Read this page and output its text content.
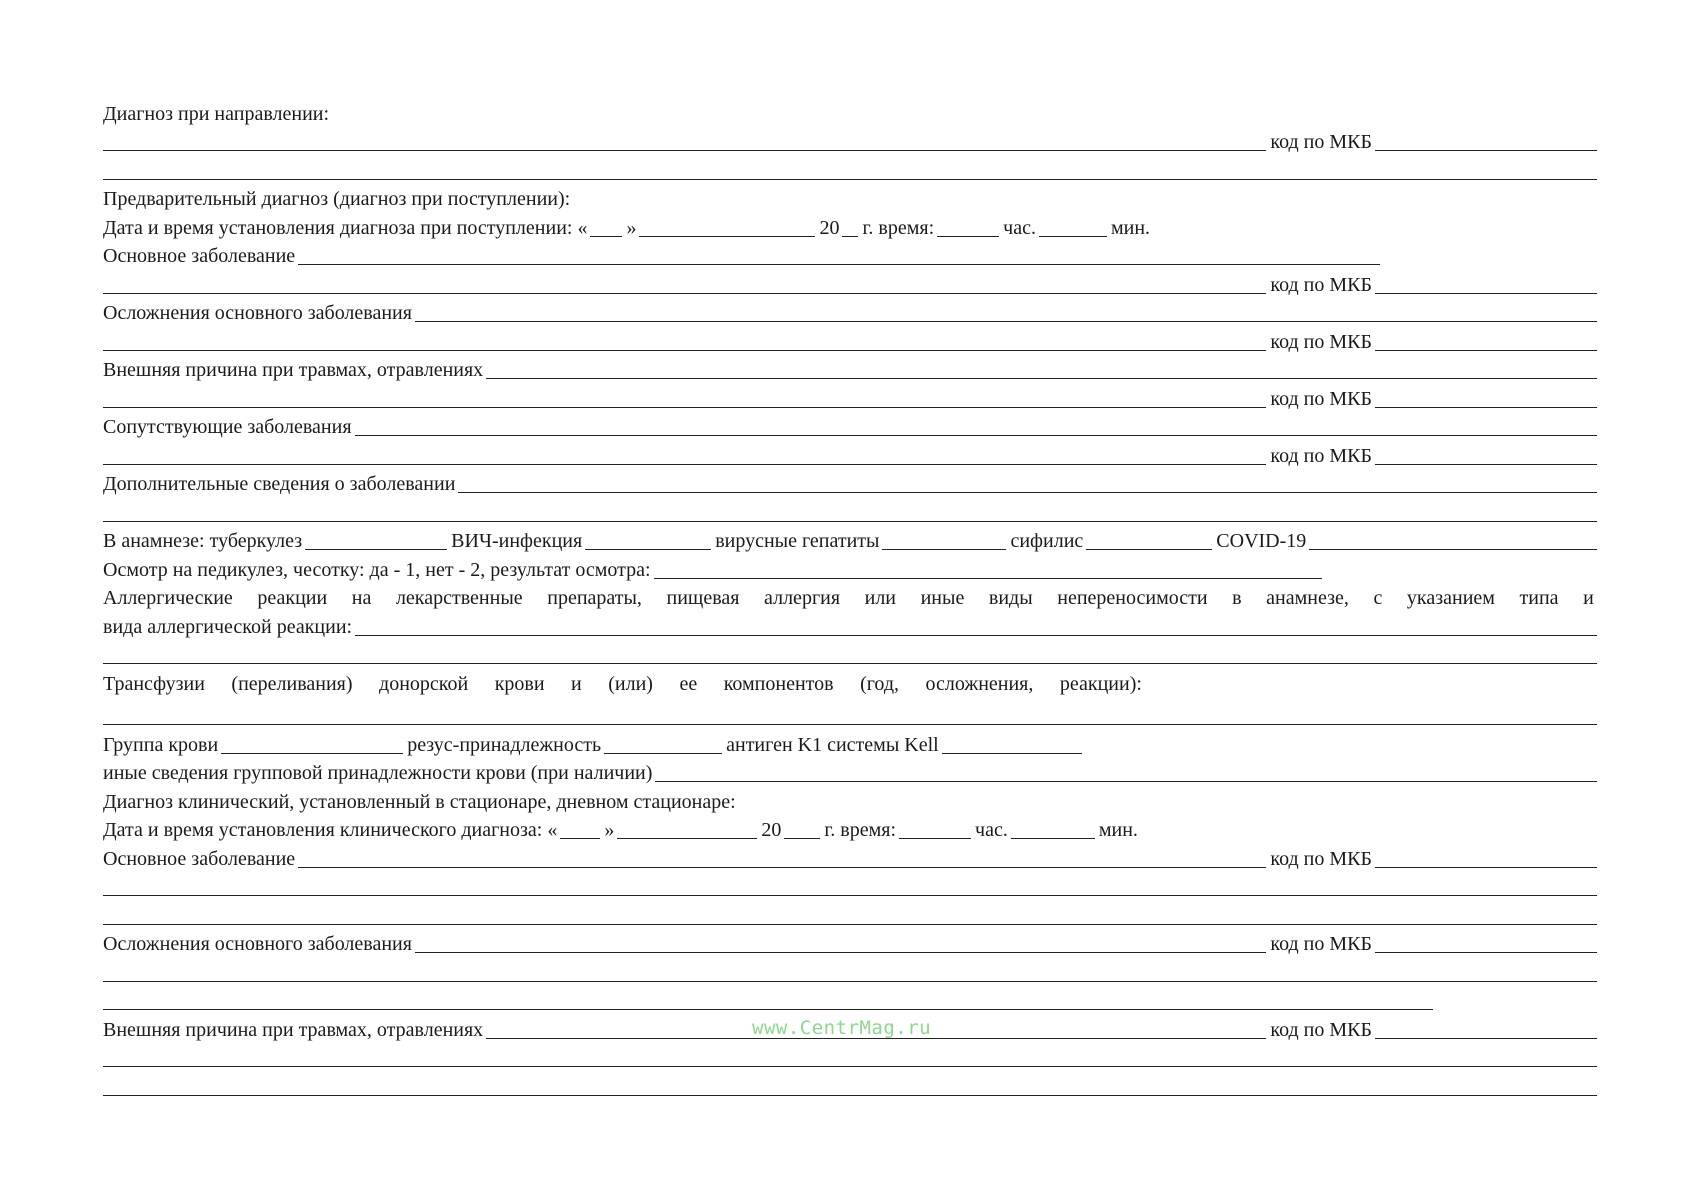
Диагноз при направлении:
код по МКБ
Предварительный диагноз (диагноз при поступлении):
Дата и время установления диагноза при поступлении: « »	20 г. время:	час.	мин.
Основное заболевание
код по МКБ
Осложнения основного заболевания
код по МКБ
Внешняя причина при травмах, отравлениях
код по МКБ
Сопутствующие заболевания
код по МКБ
Дополнительные сведения о заболевании
В анамнезе: туберкулез	ВИЧ-инфекция	вирусные гепатиты	сифилис	COVID-19
Осмотр на педикулез, чесотку: да - 1, нет - 2, результат осмотра:
Аллергические реакции на лекарственные препараты, пищевая аллергия или иные виды непереносимости в анамнезе, с указанием типа и
вида аллергической реакции:
Трансфузии (переливания) донорской крови и (или) ее компонентов (год, осложнения, реакции):
Группа крови	резус-принадлежность	антиген K1 системы Kell
иные сведения групповой принадлежности крови (при наличии)
Диагноз клинический, установленный в стационаре, дневном стационаре:
Дата и время установления клинического диагноза: « »	20 г. время:	час.	мин.
Основное заболевание	код по МКБ
Осложнения основного заболевания	код по МКБ
Внешняя причина при травмах, отравлениях	код по МКБ
www.CentrMag.ru
